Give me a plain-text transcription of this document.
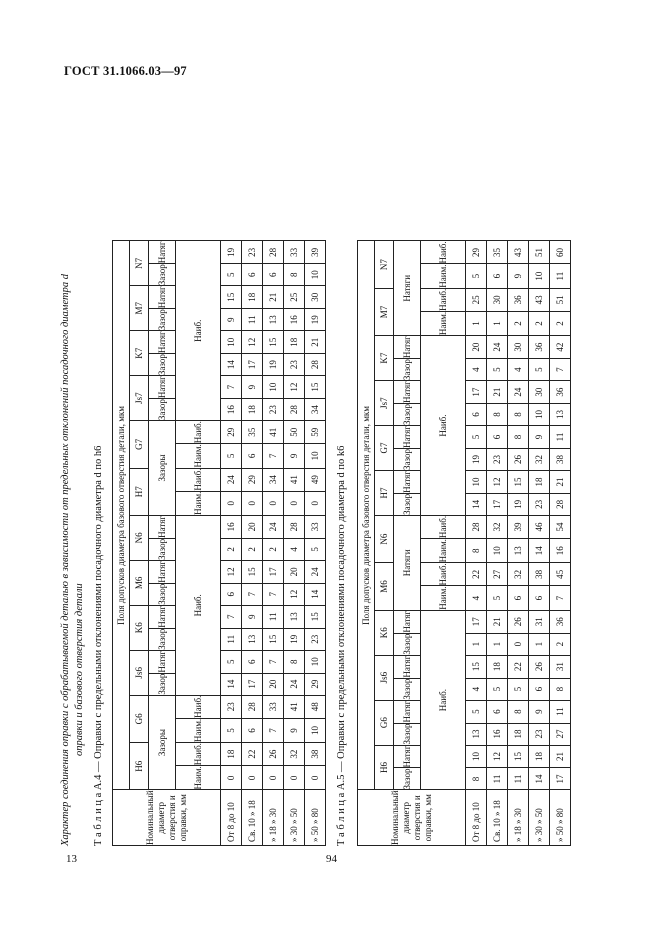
ГОСТ 31.1066.03—97
13	94
Характер соединения оправки с обрабатываемой деталью в зависимости от предельных отклонений посадочного диаметра d оправки и базового отверстия детали Т а б л и ц а А.4 — Оправки с предельными отклонениями посадочного диаметра d по h6	Номинальный диаметр отверстия и оправки, мм	Поля допусков диаметра базового отверстия детали, мкм																							
	H6		G6		Js6		K6		M6		N6		H7		G7		Js7		K7		M7		N7	
	Зазоры				Зазор	Натяг	Зазор	Натяг	Зазор	Натяг	Зазор	Натяг	Зазоры				Зазор	Натяг	Зазор	Натяг	Зазор	Натяг	Зазор	Натяг
	Наим.	Наиб.	Наим.	Наиб.	Наиб.								Наим.	Наиб.	Наим.	Наиб.	Наиб.							
От 8 до 10	0	18	5	23	14	5	11	7	6	12	2	16	0	24	5	29	16	7	14	10	9	15	5	19
Св. 10 » 18	0	22	6	28	17	6	13	9	7	15	2	20	0	29	6	35	18	9	17	12	11	18	6	23
» 18 » 30	0	26	7	33	20	7	15	11	7	17	2	24	0	34	7	41	23	10	19	15	13	21	6	28
» 30 » 50	0	32	9	41	24	8	19	13	12	20	4	28	0	41	9	50	28	12	23	18	16	25	8	33
» 50 » 80	0	38	10	48	29	10	23	15	14	24	5	33	0	49	10	59	34	15	28	21	19	30	10	39
Т а б л и ц а А.5 — Оправки с предельными отклонениями посадочного диаметра d по k6	Номинальный диаметр отверстия и оправки, мм	Поля допусков диаметра базового отверстия детали, мкм																							
	H6		G6		Js6		K6		M6		N6		H7		G7		Js7		K7		M7		N7	
	Зазор	Натяг	Зазор	Натяг	Зазор	Натяг	Зазор	Натяг	Натяги				Зазор	Натяг	Зазор	Натяг	Зазор	Натяг	Зазор	Натяг	Натяги			
	Наиб.								Наим.	Наиб.	Наим.	Наиб.	Наиб.								Наим.	Наиб.	Наим.	Наиб.
От 8 до 10	8	10	13	5	4	15	1	17	4	22	8	28	14	10	19	5	6	17	4	20	1	25	5	29
Св. 10 » 18	11	12	16	6	5	18	1	21	5	27	10	32	17	12	23	6	8	21	5	24	1	30	6	35
» 18 » 30	11	15	18	8	5	22	0	26	6	32	13	39	19	15	26	8	8	24	4	30	2	36	9	43
» 30 » 50	14	18	23	9	6	26	1	31	6	38	14	46	23	18	32	9	10	30	5	36	2	43	10	51
» 50 » 80	17	21	27	11	8	31	2	36	7	45	16	54	28	21	38	11	13	36	7	42	2	51	11	60
